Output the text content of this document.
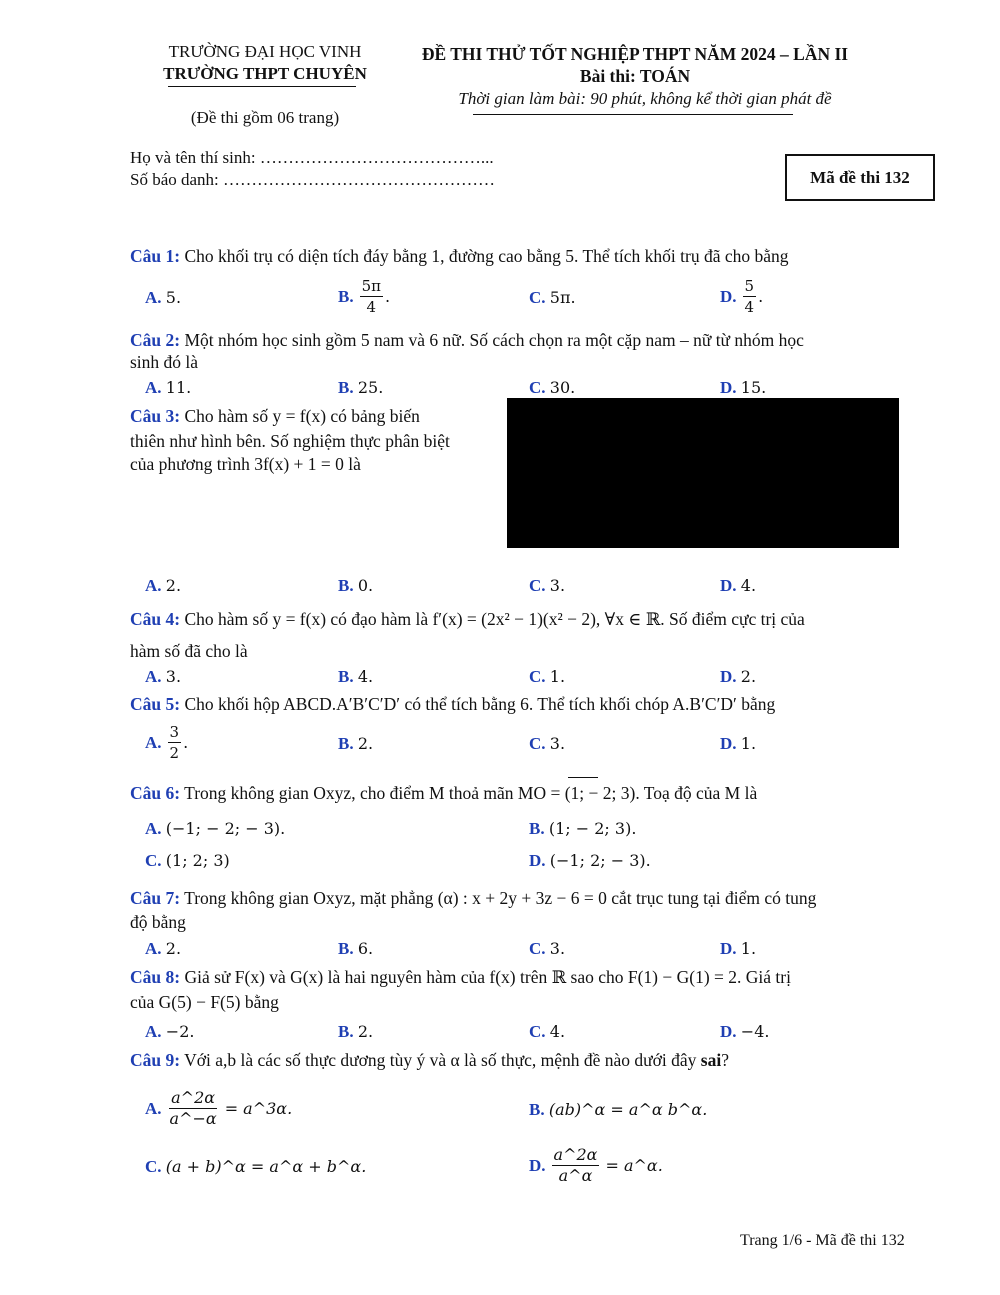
TRƯỜNG ĐẠI HỌC VINH
TRƯỜNG THPT CHUYÊN
(Đề thi gồm 06 trang)
ĐỀ THI THỬ TỐT NGHIỆP THPT NĂM 2024 – LẦN II
Bài thi: TOÁN
Thời gian làm bài: 90 phút, không kể thời gian phát đề
Họ và tên thí sinh: …………………………………...
Số báo danh: …………………………………………	Mã đề thi 132
Câu 1: Cho khối trụ có diện tích đáy bằng 1, đường cao bằng 5. Thể tích khối trụ đã cho bằng
A. 5.	B. $\frac{5\pi}{4}$ .	C. 5π.	D. $\frac{5}{4}$ .
Câu 2: Một nhóm học sinh gồm 5 nam và 6 nữ. Số cách chọn ra một cặp nam – nữ từ nhóm học
sinh đó là
A. 11.	B. 25.	C. 30.	D. 15.
Câu 3: Cho hàm số y = f(x) có bảng biến
thiên như hình bên. Số nghiệm thực phân biệt
của phương trình 3f(x) + 1 = 0 là
A. 2.	B. 0.	C. 3.	D. 4.
Câu 4: Cho hàm số y = f(x) có đạo hàm là f′(x) = (2x² − 1)(x² − 2), ∀x ∈ ℝ. Số điểm cực trị của
hàm số đã cho là
A. 3.	B. 4.	C. 1.	D. 2.
Câu 5: Cho khối hộp ABCD.A′B′C′D′ có thể tích bằng 6. Thể tích khối chóp A.B′C′D′ bằng
A. $\frac{3}{2}$ .	B. 2.	C. 3.	D. 1.
Câu 6: Trong không gian Oxyz, cho điểm M thoả mãn MO = (1; − 2; 3). Toạ độ của M là
A. (−1; − 2; − 3).	B. (1; − 2; 3).
C. (1; 2; 3)	D. (−1; 2; − 3).
Câu 7: Trong không gian Oxyz, mặt phẳng (α) : x + 2y + 3z − 6 = 0 cắt trục tung tại điểm có tung
độ bằng
A. 2.	B. 6.	C. 3.	D. 1.
Câu 8: Giả sử F(x) và G(x) là hai nguyên hàm của f(x) trên ℝ sao cho F(1) − G(1) = 2. Giá trị
của G(5) − F(5) bằng
A. −2.	B. 2.	C. 4.	D. −4.
Câu 9: Với a,b là các số thực dương tùy ý và α là số thực, mệnh đề nào dưới đây sai?
A. $\frac{a\^{}2\alpha}{a\^{}-\alpha}$ = a^3α.	B. (ab)^α = a^α b^α.
C. (a + b)^α = a^α + b^α.	D. $\frac{a\^{}2\alpha}{a\^{}\alpha}$ = a^α.
Trang 1/6 - Mã đề thi 132
